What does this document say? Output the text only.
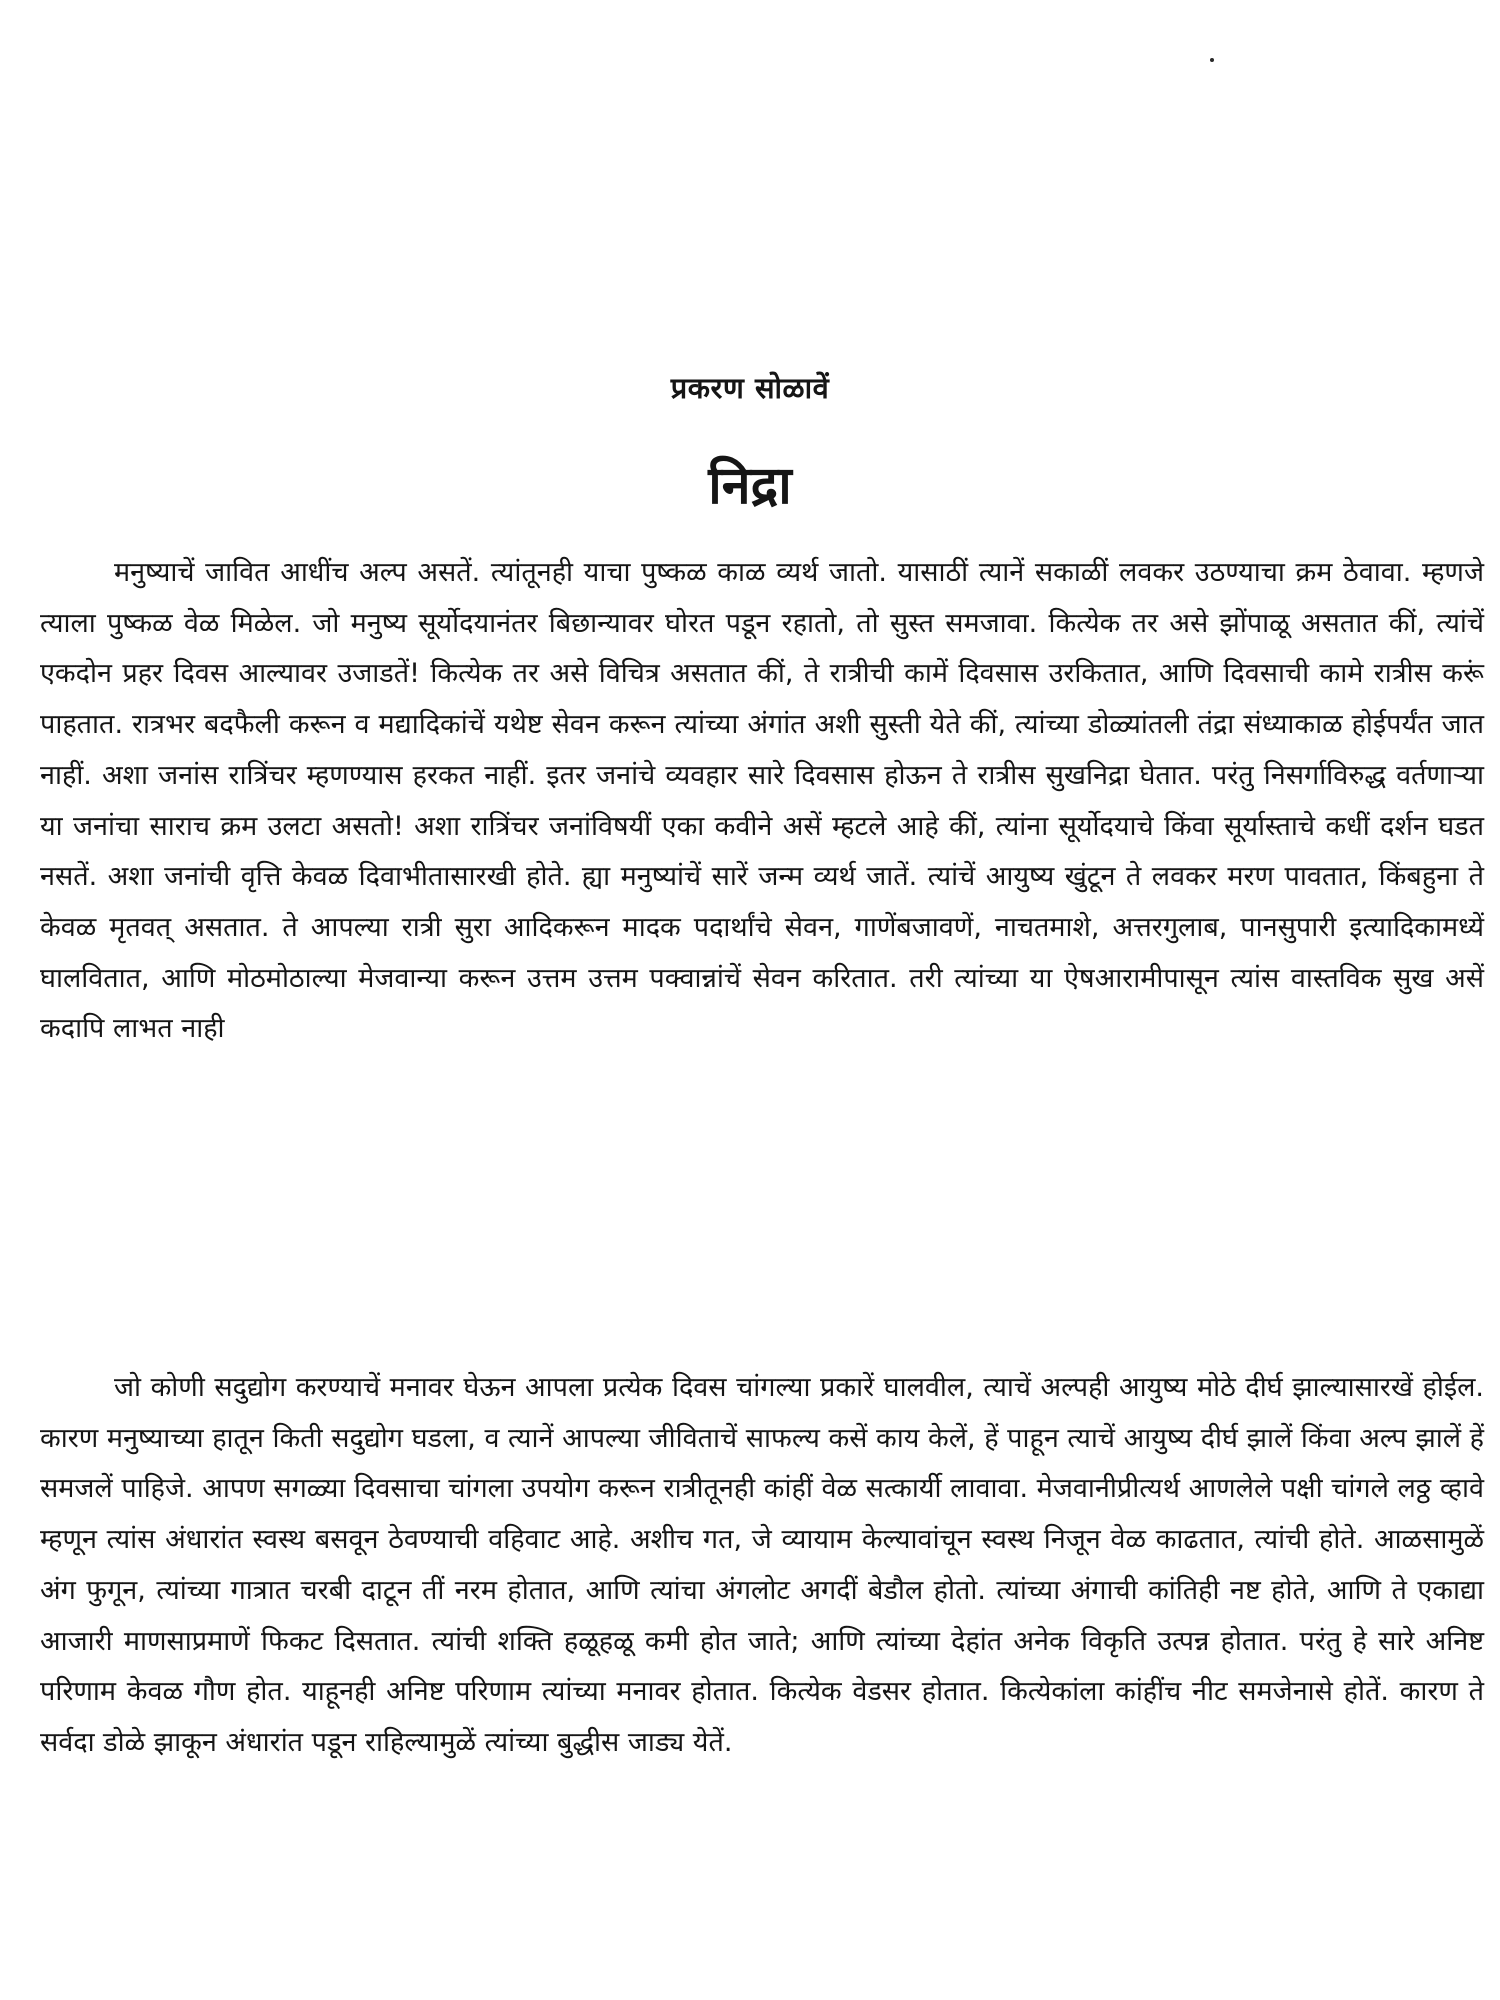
प्रकरण सोळावें
निद्रा

मनुष्याचें जावित आधींच अल्प असतें. त्यांतूनही याचा पुष्कळ काळ व्यर्थ जातो. यासाठीं त्यानें सकाळीं लवकर उठण्याचा क्रम ठेवावा. म्हणजे त्याला पुष्कळ वेळ मिळेल. जो मनुष्य सूर्योदयानंतर बिछान्यावर घोरत पडून रहातो, तो सुस्त समजावा. कित्येक तर असे झोंपाळू असतात कीं, त्यांचें एकदोन प्रहर दिवस आल्यावर उजाडतें! कित्येक तर असे विचित्र असतात कीं, ते रात्रीची कामें दिवसास उरकितात, आणि दिवसाची कामे रात्रीस करूं पाहतात. रात्रभर बदफैली करून व मद्यादिकांचें यथेष्ट सेवन करून त्यांच्या अंगांत अशी सुस्ती येते कीं, त्यांच्या डोळ्यांतली तंद्रा संध्याकाळ होईपर्यंत जात नाहीं. अशा जनांस रात्रिंचर म्हणण्यास हरकत नाहीं. इतर जनांचे व्यवहार सारे दिवसास होऊन ते रात्रीस सुखनिद्रा घेतात. परंतु निसर्गाविरुद्ध वर्तणाऱ्या या जनांचा साराच क्रम उलटा असतो! अशा रात्रिंचर जनांविषयीं एका कवीने असें म्हटले आहे कीं, त्यांना सूर्योदयाचे किंवा सूर्यास्ताचे कधीं दर्शन घडत नसतें. अशा जनांची वृत्ति केवळ दिवाभीतासारखी होते. ह्या मनुष्यांचें सारें जन्म व्यर्थ जातें. त्यांचें आयुष्य खुंटून ते लवकर मरण पावतात, किंबहुना ते केवळ मृतवत् असतात. ते आपल्या रात्री सुरा आदिकरून मादक पदार्थांचे सेवन, गाणेंबजावणें, नाचतमाशे, अत्तरगुलाब, पानसुपारी इत्यादिकामध्यें घालवितात, आणि मोठमोठाल्या मेजवान्या करून उत्तम उत्तम पक्वान्नांचें सेवन करितात. तरी त्यांच्या या ऐषआरामीपासून त्यांस वास्तविक सुख असें कदापि लाभत नाही

जो कोणी सदुद्योग करण्याचें मनावर घेऊन आपला प्रत्येक दिवस चांगल्या प्रकारें घालवील, त्याचें अल्पही आयुष्य मोठे दीर्घ झाल्यासारखें होईल. कारण मनुष्याच्या हातून किती सदुद्योग घडला, व त्यानें आपल्या जीविताचें साफल्य कसें काय केलें, हें पाहून त्याचें आयुष्य दीर्घ झालें किंवा अल्प झालें हें समजलें पाहिजे. आपण सगळ्या दिवसाचा चांगला उपयोग करून रात्रीतूनही कांहीं वेळ सत्कार्यी लावावा. मेजवानीप्रीत्यर्थ आणलेले पक्षी चांगले लठ्ठ व्हावे म्हणून त्यांस अंधारांत स्वस्थ बसवून ठेवण्याची वहिवाट आहे. अशीच गत, जे व्यायाम केल्यावांचून स्वस्थ निजून वेळ काढतात, त्यांची होते. आळसामुळें अंग फुगून, त्यांच्या गात्रात चरबी दाटून तीं नरम होतात, आणि त्यांचा अंगलोट अगदीं बेडौल होतो. त्यांच्या अंगाची कांतिही नष्ट होते, आणि ते एकाद्या आजारी माणसाप्रमाणें फिकट दिसतात. त्यांची शक्ति हळूहळू कमी होत जाते; आणि त्यांच्या देहांत अनेक विकृति उत्पन्न होतात. परंतु हे सारे अनिष्ट परिणाम केवळ गौण होत. याहूनही अनिष्ट परिणाम त्यांच्या मनावर होतात. कित्येक वेडसर होतात. कित्येकांला कांहींच नीट समजेनासे होतें. कारण ते सर्वदा डोळे झाकून अंधारांत पडून राहिल्यामुळें त्यांच्या बुद्धीस जाड्य येतें.
